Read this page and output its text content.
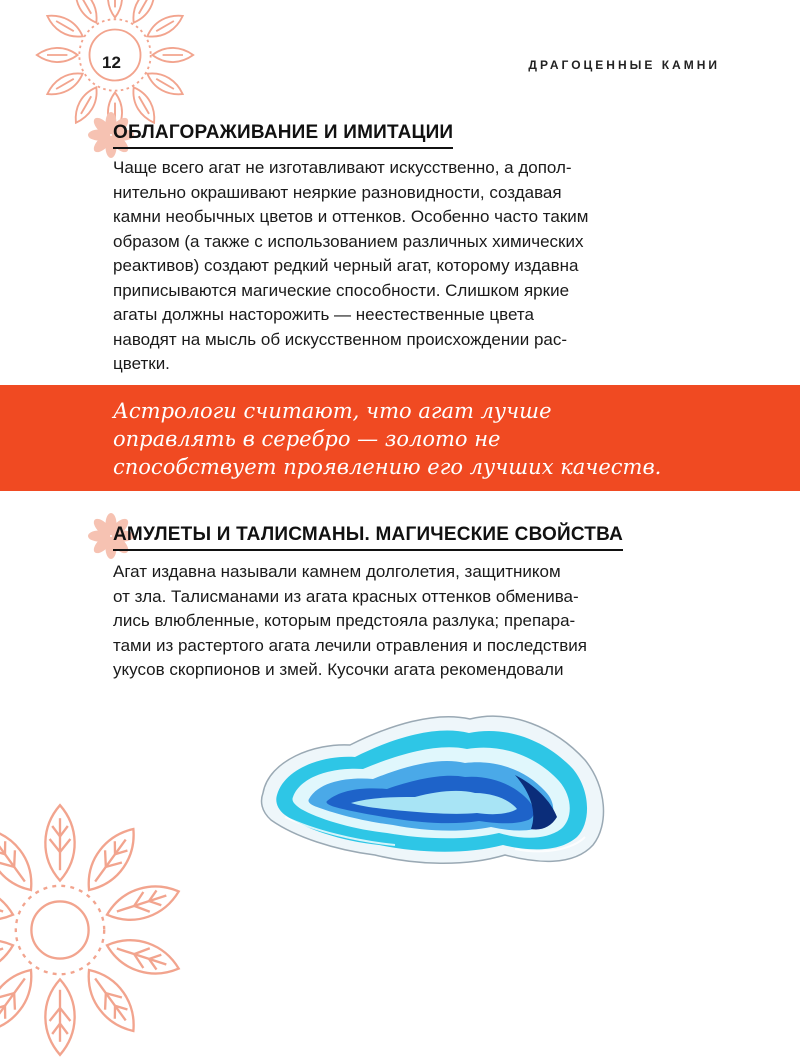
12	ДРАГОЦЕННЫЕ КАМНИ
ОБЛАГОРАЖИВАНИЕ И ИМИТАЦИИ

Чаще всего агат не изготавливают искусственно, а допол-
нительно окрашивают неяркие разновидности, создавая
камни необычных цветов и оттенков. Особенно часто таким
образом (а также с использованием различных химических
реактивов) создают редкий черный агат, которому издавна
приписываются магические способности. Слишком яркие
агаты должны насторожить — неестественные цвета
наводят на мысль об искусственном происхождении рас-
цветки.

Астрологи считают, что агат лучше
оправлять в серебро — золото не
способствует проявлению его лучших качеств.

АМУЛЕТЫ И ТАЛИСМАНЫ. МАГИЧЕСКИЕ СВОЙСТВА

Агат издавна называли камнем долголетия, защитником
от зла. Талисманами из агата красных оттенков обменива-
лись влюбленные, которым предстояла разлука; препара-
тами из растертого агата лечили отравления и последствия
укусов скорпионов и змей. Кусочки агата рекомендовали
